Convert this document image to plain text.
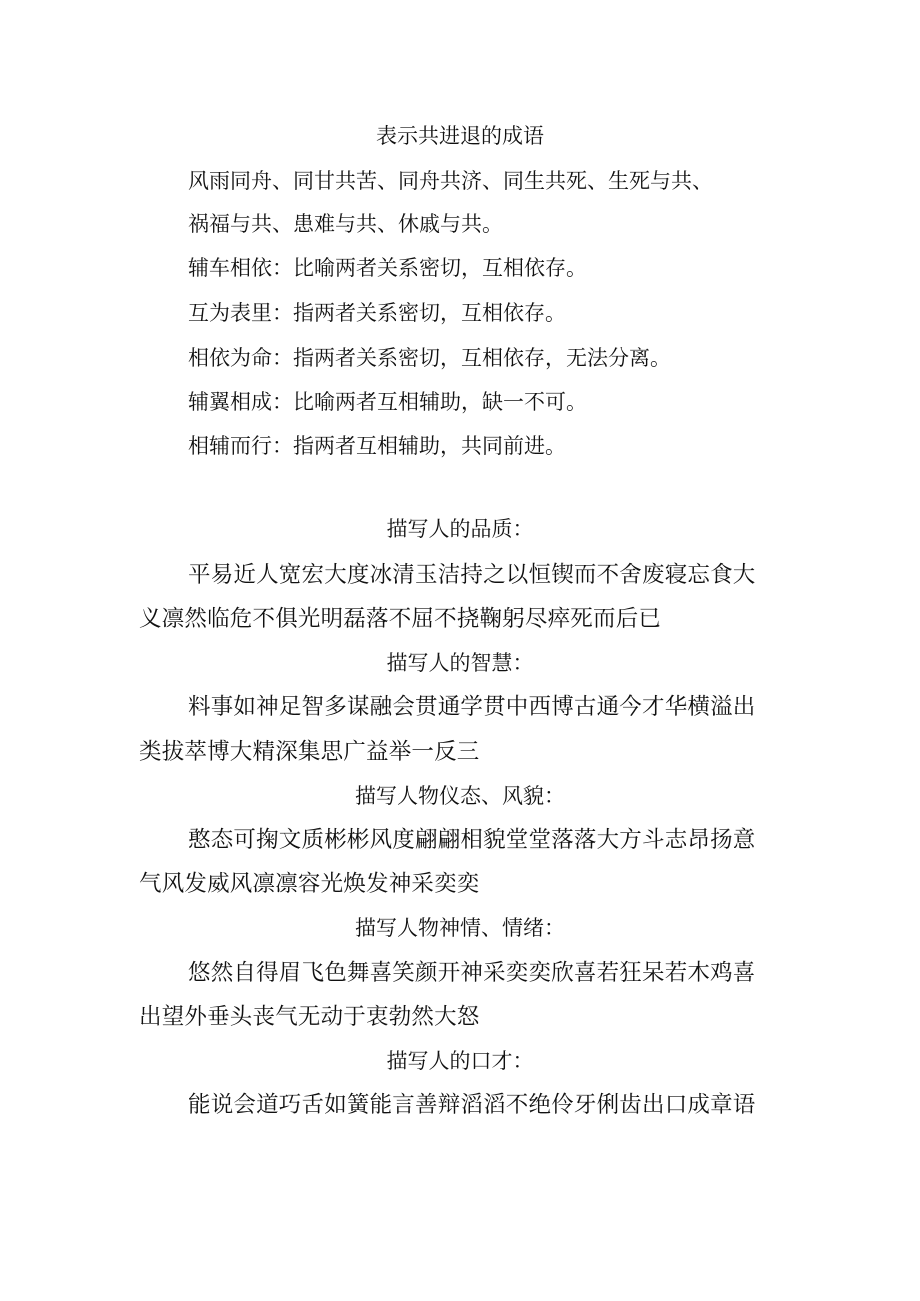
表示共进退的成语
风雨同舟、同甘共苦、同舟共济、同生共死、生死与共、
祸福与共、患难与共、休戚与共。
辅车相依：比喻两者关系密切，互相依存。
互为表里：指两者关系密切，互相依存。
相依为命：指两者关系密切，互相依存，无法分离。
辅翼相成：比喻两者互相辅助，缺一不可。
相辅而行：指两者互相辅助，共同前进。
描写人的品质：
平易近人宽宏大度冰清玉洁持之以恒锲而不舍废寝忘食大
义凛然临危不俱光明磊落不屈不挠鞠躬尽瘁死而后已
描写人的智慧：
料事如神足智多谋融会贯通学贯中西博古通今才华横溢出
类拔萃博大精深集思广益举一反三
描写人物仪态、风貌：
憨态可掬文质彬彬风度翩翩相貌堂堂落落大方斗志昂扬意
气风发威风凛凛容光焕发神采奕奕
描写人物神情、情绪：
悠然自得眉飞色舞喜笑颜开神采奕奕欣喜若狂呆若木鸡喜
出望外垂头丧气无动于衷勃然大怒
描写人的口才：
能说会道巧舌如簧能言善辩滔滔不绝伶牙俐齿出口成章语
